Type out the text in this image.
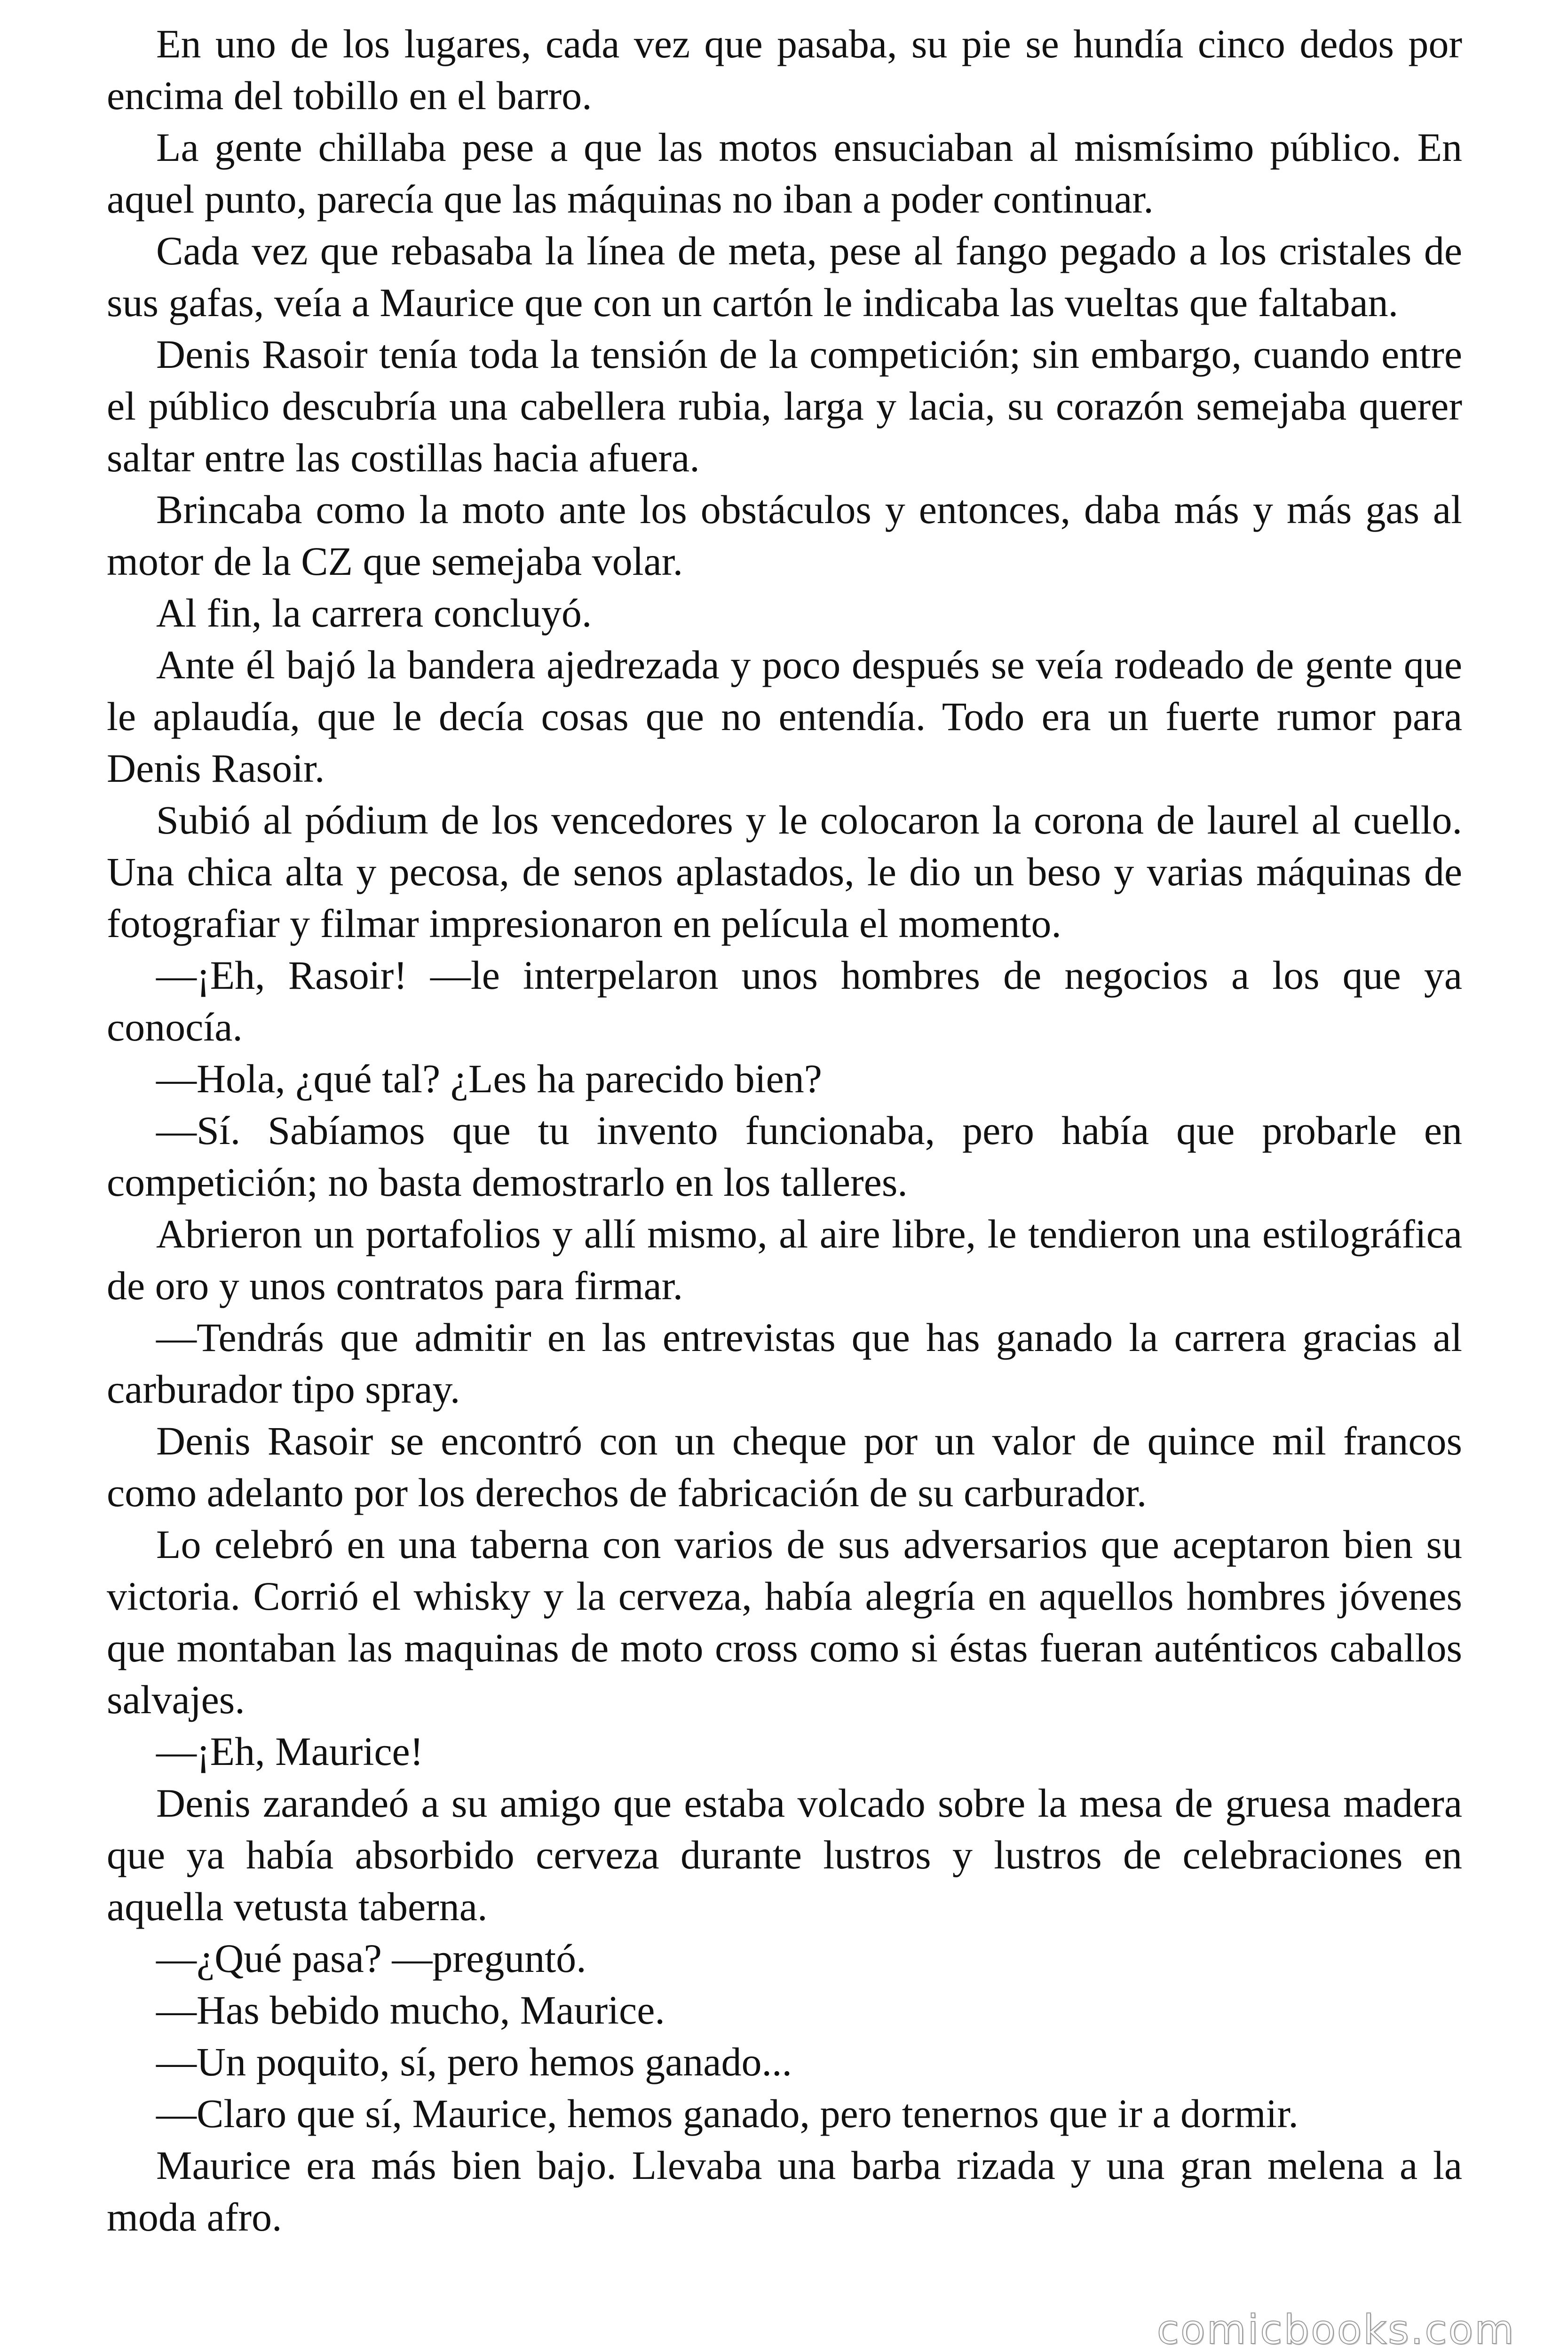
En uno de los lugares, cada vez que pasaba, su pie se hundía cinco dedos por encima del tobillo en el barro.

La gente chillaba pese a que las motos ensuciaban al mismísimo público. En aquel punto, parecía que las máquinas no iban a poder continuar.

Cada vez que rebasaba la línea de meta, pese al fango pegado a los cristales de sus gafas, veía a Maurice que con un cartón le indicaba las vueltas que faltaban.

Denis Rasoir tenía toda la tensión de la competición; sin embargo, cuando entre el público descubría una cabellera rubia, larga y lacia, su corazón semejaba querer saltar entre las costillas hacia afuera.

Brincaba como la moto ante los obstáculos y entonces, daba más y más gas al motor de la CZ que semejaba volar.

Al fin, la carrera concluyó.

Ante él bajó la bandera ajedrezada y poco después se veía rodeado de gente que le aplaudía, que le decía cosas que no entendía. Todo era un fuerte rumor para Denis Rasoir.

Subió al pódium de los vencedores y le colocaron la corona de laurel al cuello. Una chica alta y pecosa, de senos aplastados, le dio un beso y varias máquinas de fotografiar y filmar impresionaron en película el momento.

—¡Eh, Rasoir! —le interpelaron unos hombres de negocios a los que ya conocía.

—Hola, ¿qué tal? ¿Les ha parecido bien?

—Sí. Sabíamos que tu invento funcionaba, pero había que probarle en competición; no basta demostrarlo en los talleres.

Abrieron un portafolios y allí mismo, al aire libre, le tendieron una estilográfica de oro y unos contratos para firmar.

—Tendrás que admitir en las entrevistas que has ganado la carrera gracias al carburador tipo spray.

Denis Rasoir se encontró con un cheque por un valor de quince mil francos como adelanto por los derechos de fabricación de su carburador.

Lo celebró en una taberna con varios de sus adversarios que aceptaron bien su victoria. Corrió el whisky y la cerveza, había alegría en aquellos hombres jóvenes que montaban las maquinas de moto cross como si éstas fueran auténticos caballos salvajes.

—¡Eh, Maurice!

Denis zarandeó a su amigo que estaba volcado sobre la mesa de gruesa madera que ya había absorbido cerveza durante lustros y lustros de celebraciones en aquella vetusta taberna.

—¿Qué pasa? —preguntó.

—Has bebido mucho, Maurice.

—Un poquito, sí, pero hemos ganado...

—Claro que sí, Maurice, hemos ganado, pero tenernos que ir a dormir.

Maurice era más bien bajo. Llevaba una barba rizada y una gran melena a la moda afro.

comicbooks.com
